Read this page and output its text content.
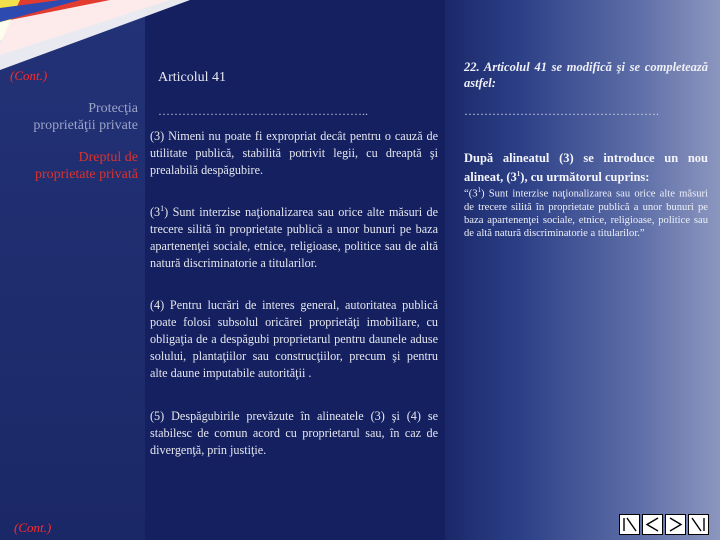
(Cont.)
Protecţia
proprietăţii private
Dreptul de
proprietate privată
Articolul 41
……………………………………………..
(3) Nimeni nu poate fi expropriat decât pentru o cauză de utilitate publică, stabilită potrivit legii, cu dreaptă şi prealabilă despăgubire.
$(3^1)$ Sunt interzise naţionalizarea sau orice alte măsuri de trecere silită în proprietate publică a unor bunuri pe baza apartenenţei sociale, etnice, religioase, politice sau de altă natură discriminatorie a titularilor.
(4) Pentru lucrări de interes general, autoritatea publică poate folosi subsolul oricărei proprietăţi imobiliare, cu obligaţia de a despăgubi proprietarul pentru daunele aduse solului, plantaţiilor sau construcţiilor, precum şi pentru alte daune imputabile autorităţii .
(5) Despăgubirile prevăzute în alineatele (3) şi (4) se stabilesc de comun acord cu proprietarul sau, în caz de divergenţă, prin justiţie.
22. Articolul 41 se modifică şi se completează astfel:
………………………………………….
După alineatul (3) se introduce un nou alineat, $(3^1)$, cu următorul cuprins:
“$(3^1)$ Sunt interzise naţionalizarea sau orice alte măsuri de trecere silită în proprietate publică a unor bunuri pe baza apartenenţei sociale, etnice, religioase, politice sau de altă natură discriminatorie a titularilor.”
(Cont.)
